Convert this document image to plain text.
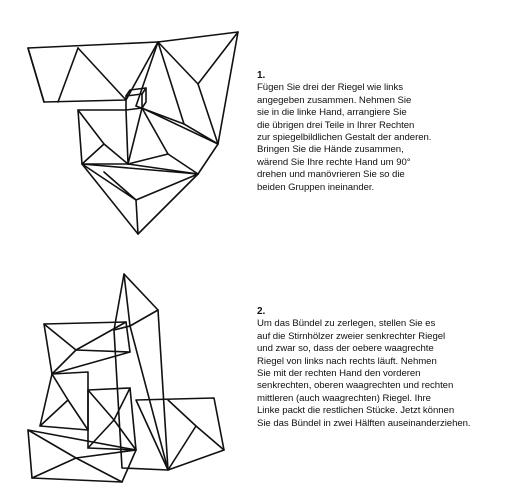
1.
Fügen Sie drei der Riegel wie links
angegeben zusammen. Nehmen Sie
sie in die linke Hand, arrangiere Sie
die übrigen drei Teile in Ihrer Rechten
zur spiegelbildlichen Gestalt der anderen.
Bringen Sie die Hände zusammen,
wärend Sie Ihre rechte Hand um 90°
drehen und manövrieren Sie so die
beiden Gruppen ineinander.
2.
Um das Bündel zu zerlegen, stellen Sie es
auf die Stirnhölzer zweier senkrechter Riegel
und zwar so, dass der oebere waagrechte
Riegel von links nach rechts läuft. Nehmen
Sie mit der rechten Hand den vorderen
senkrechten, oberen waagrechten und rechten
mittleren (auch waagrechten) Riegel. Ihre
Linke packt die restlichen Stücke. Jetzt können
Sie das Bündel in zwei Hälften auseinanderziehen.
